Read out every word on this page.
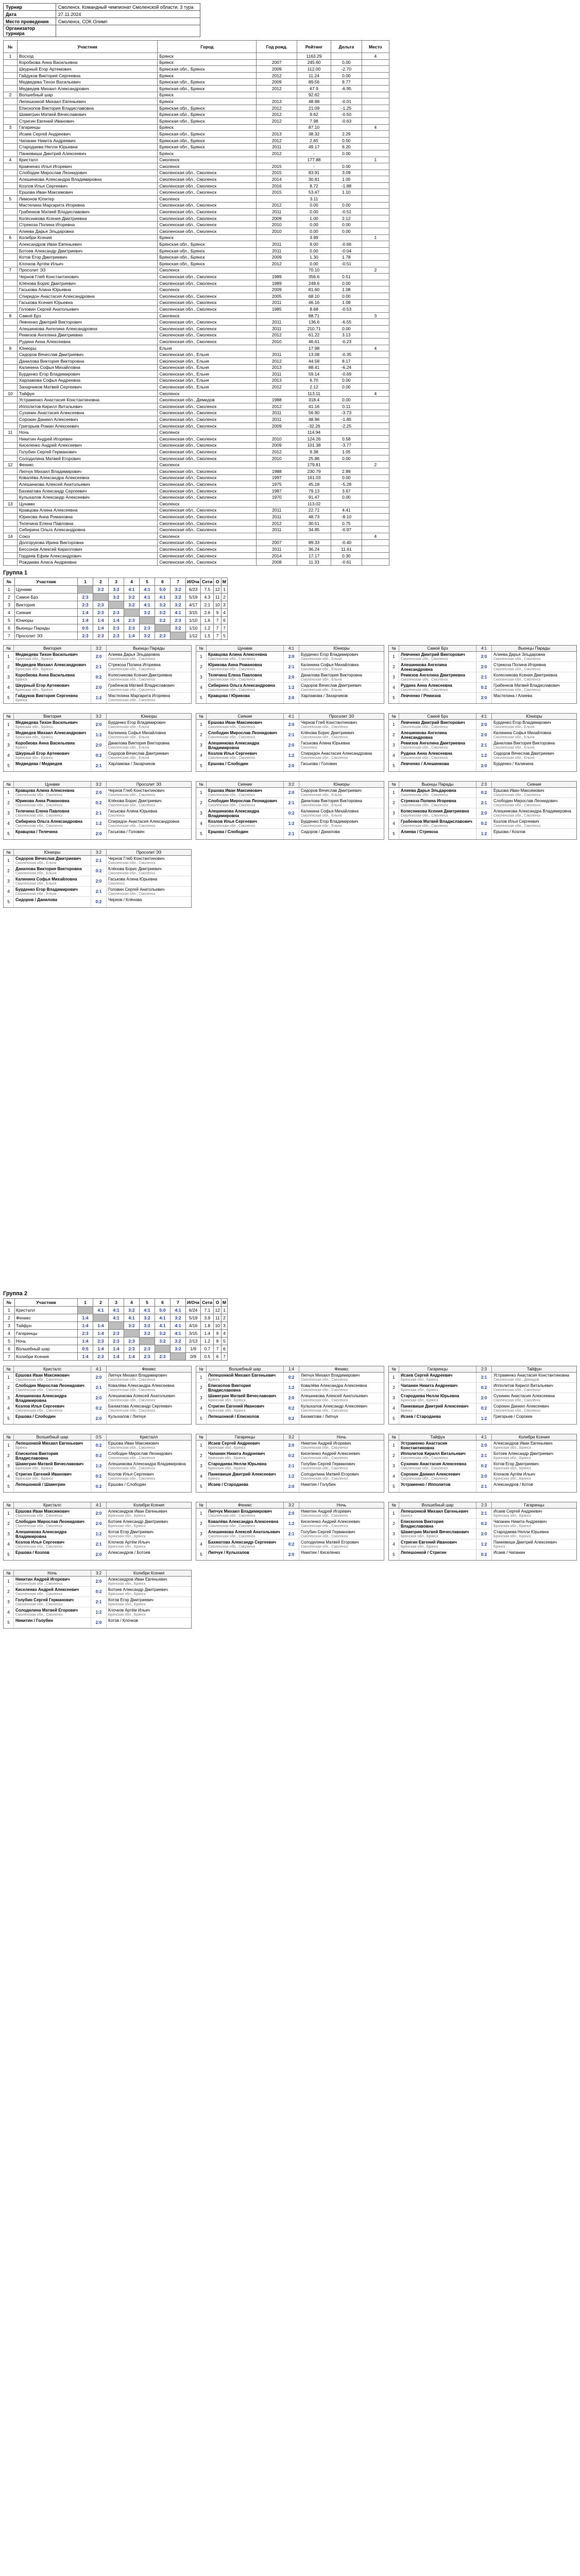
Турнир	Смоленск. Командный чемпионат Смоленской области. 3 тура
Дата	27.11.2024
Место проведения	Смоленск, СОК Олимп
Организатор турнира	
№	Участник	Город	Год рожд.	Рейтинг	Дельта	Место
1	Восход	Брянск		1163.29		4
	Коробкова Анна Васильевна	Брянск	2007	245.60	0.00	
	Шкурный Егор Артемович	Брянская обл., Брянск	2009	112.00	-2.70	
	Гайдуков Виктория Сергеевна	Брянск	2012	11.24	0.00	
	Медведева Тихон Васильевич	Брянская обл., Брянск	2009	89.56	8.77	
	Медведев Михаил Александрович	Брянская обл., Брянск	2012	67.9	-6.95	
2	Волшебный шар	Брянск		92.62		
	Лепешонкой Михаил Евгеньевич	Брянск	2013	48.98	-0.01	
	Епископов Виктория Владиславовна	Брянская обл., Брянск	2012	21.09	-1.25	
	Шамегрин Матвей Вячеславович	Брянская обл., Брянск	2012	9.62	-0.50	
	Стригин Евгений Иванович	Брянская обл., Брянск	2012	7.98	-0.63	
3	Гагаринцы	Брянск		87.10		4
	Исаев Сергей Андреевич	Брянская обл., Брянск	2013	38.32	2.29	
	Чапанин Никита Андреевич	Брянская обл., Брянск	2012	2.65	0.50	
	Стародаева Нелли Юрьевна	Брянская обл., Брянск	2011	49.17	6.20	
	Панкевиши Дмитрий Алексеевич	Брянск	2012	-	0.00	
4	Кристалл	Смоленск		177.88		1
	Кравченко Илья Игоревич	Смоленск	2015	-	0.00	
	Слободин Мирослав Леонидович	Смоленская обл., Смоленск	2015	83.91	3.09	
	Алешинкова Александра Владимировна	Смоленская обл., Смоленск	2014	30.81	1.05	
	Козлов Илья Сергеевич	Смоленская обл., Смоленск	2016	8.72	-1.88	
	Ершова Иван Максимович	Смоленская обл., Смоленск	2015	53.47	1.10	
5	Лимонов Юпитер	Смоленск		3.11		
	Мастелина Маргарита Игоревна	Смоленская обл., Смоленск	2012	0.00	0.00	
	Грабенков Матвей Владиславович	Смоленская обл., Смоленск	2011	0.00	-0.51	
	Колесникова Ксения Дмитриевна	Смоленская обл., Смоленск	2009	1.00	2.12	
	Стрекоза Полина Игоревна	Смоленская обл., Смоленск	2010	0.00	0.00	
	Алиева Дарья Эльдаровна	Смоленская обл., Смоленск	2010	0.00	0.00	
6	Колибри Ксения	Брянск		3.99		1
	Александров Иван Евгеньевич	Брянская обл., Брянск	2011	9.00	-0.66	
	Ботоев Александр Дмитриевич	Брянская обл., Брянск	2011	0.00	-0.04	
	Котов Егор Дмитриевич	Брянская обл., Брянск	2009	1.30	1.78	
	Клочков Артём Ильич	Брянская обл., Брянск	2012	0.00	-0.51	
7	Просолит ЭЗ	Смоленск		70.10		2
	Чернов Глеб Константинович	Смоленская обл., Смоленск	1989	356.6	0.51	
	Клёнова Борис Дмитриевич	Смоленская обл., Смоленск	1989	248.6	0.00	
	Гаськова Алина Юрьевна	Смоленск	2009	81.60	1.08	
	Спиридон Анастасия Александровна	Смоленская обл., Смоленск	2005	68.10	0.00	
	Гаськова Ксения Юрьевна	Смоленская обл., Смоленск	2011	46.16	1.08	
	Головин Сергей Анатольевич	Смоленская обл., Смоленск	1985	8.68	-0.53	
8	Самоё Брз	Смоленск		88.71		3
	Левченко Дмитрий Викторович	Смоленская обл., Смоленск	2011	136.6	-6.55	
	Алешинкова Ангелина Александровна	Смоленская обл., Смоленск	2011	210.71	0.00	
	Ремизов Ангелина Дмитриевна	Смоленская обл., Смоленск	2012	61.22	3.13	
	Рудина Анна Алексеевна	Смоленская обл., Смоленск	2010	46.61	-0.23	
9	Юниоры	Ельня		17.98		4
	Сидоров Вячеслав Дмитриевич	Смоленская обл., Ельня	2011	13.08	-0.35	
	Данилова Виктория Викторовна	Смоленская обл., Ельня	2012	44.58	8.17	
	Калинина Софья Михайловна	Смоленская обл., Ельня	2013	88.41	-6.24	
	Бурденко Егор Владимирович	Смоленская обл., Ельня	2011	59.14	-0.69	
	Харламова Софья Андреевна	Смоленская обл., Ельня	2013	6.70	0.00	
	Захарчиков Матвей Сергеевич	Смоленская обл., Ельня	2012	2.12	0.00	
10	Тайфун	Смоленск		113.11		4
	Устраменко Анастасия Константиновна	Смоленская обл., Демидов	1988	318.4	0.00	
	Ипполитов Кирилл Витальевич	Смоленская обл., Смоленск	2012	41.16	0.11	
	Сухинин Анастасия Алексеевна	Смоленская обл., Смоленск	2011	56.90	-3.73	
	Сорокин Даниил Алексеевич	Смоленская обл., Смоленск	2011	48.96	-1.85	
	Григорьев Роман Алексеевич	Смоленская обл., Смоленск	2009	-32.26	-2.25	
11	Ночь	Смоленск		114.94		
	Никитин Андрей Игоревич	Смоленская обл., Смоленск	2010	124.26	0.58	
	Киселенко Андрей Алексеевич	Смоленская обл., Смоленск	2009	101.38	-3.77	
	Голубин Сергей Германович	Смоленская обл., Смоленск	2012	9.38	1.05	
	Солодилина Матвей Егорович	Смоленская обл., Смоленск	2010	25.86	0.00	
12	Феникс	Смоленск		179.81		2
	Липчук Михаил Владимирович	Смоленская обл., Смоленск	1988	230.79	2.89	
	Ковалёва Александра Алексеевна	Смоленская обл., Смоленск	1997	161.03	0.00	
	Алешинкова Алексей Анатольевич	Смоленская обл., Смоленск	1975	45.18	-5.28	
	Бахматова Александр Сергеевич	Смоленская обл., Смоленск	1987	79.13	3.67	
	Кулыхалов Александр Алексеевич	Смоленская обл., Смоленск	1970	91.47	0.00	
13	Цунами	Смоленск		113.02		
	Кравцова Алина Алексеевна	Смоленская обл., Смоленск	2011	22.71	4.41	
	Юрикова Анна Романовна	Смоленская обл., Смоленск	2011	48.73	-8.10	
	Телечина Елена Павловна	Смоленская обл., Смоленск	2012	30.51	0.75	
	Сибирина Ольга Александровна	Смоленская обл., Смоленск	2011	34.85	-0.97	
14	Союз	Смоленск				4
	Долгорукова Ирина Викторовна	Смоленская обл., Смоленск	2007	89.33	-0.40	
	Бессонов Алексей Кириллович	Смоленская обл., Смоленск	2011	36.24	11.61	
	Гордеев Ефим Александрович	Смоленская обл., Смоленск	2014	17.17	0.30	
	Рождаева Алиса Андреевна	Смоленская обл., Смоленск	2008	11.33	-0.61	
Группа 1
№	Участник	1	2	3	4	5	6	7	И/Очк	Сети	О	М
1	Цунами		3:2	3:2	4:1	4:1	5:0	3:2	6/23	7.5	12	1
2	Самое Брз	2:3		3:2	3:2	4:1	4:1	3:2	5/19	4.3	11	2
3	Виктория	2:3	2:3		3:2	4:1	3:2	3:2	4/17	2.1	10	3
4	Сияние	1:4	2:3	2:3		3:2	3:2	4:1	3/15	2.6	9	4
5	Юниоры	1:4	1:4	1:4	2:3		3:2	2:3	1/10	1.6	7	6
6	Вьюнцы Парады	0:5	1:4	2:3	2:3	2:3		3:2	1/10	1.2	7	7
7	Просолит ЭЗ	2:3	2:3	2:3	1:4	3:2	2:3		1/12	1.5	7	5
№	Виктория	3:2	Вьюнцы Парады
1	Медведева Тихон Васильевич
Брянская обл., Брянск
2:0	Алиева Дарья Эльдаровна
Смоленская обл., Смоленск
2	Медведев Михаил Александрович
Брянская обл., Брянск
2:1	Стрекоза Полина Игоревна
Смоленская обл., Смоленск
3	Коробкова Анна Васильевна
Брянск
0:2	Колесникова Ксения Дмитриевна
Смоленская обл., Смоленск
4	Шкурный Егор Артемович
Брянская обл., Брянск
2:0	Грабенков Матвей Владиславович
Смоленская обл., Смоленск
5	Гайдуков Виктория Сергеевна
Брянск
1:2	Мастелина Маргарита Игоревна
Смоленская обл., Смоленск
№	Цунами	4:1	Юниоры
1	Кравцова Алина Алексеевна
Смоленская обл., Смоленск
2:0	Бурденко Егор Владимирович
Смоленская обл., Ельня
2	Юрикова Анна Романовна
Смоленская обл., Смоленск
2:1	Калинина Софья Михайловна
Смоленская обл., Ельня
3	Телечина Елена Павловна
Смоленская обл., Смоленск
2:0	Данилова Виктория Викторовна
Смоленская обл., Ельня
4	Сибирина Ольга Александровна
Смоленская обл., Смоленск
1:2	Сидоров Вячеслав Дмитриевич
Смоленская обл., Ельня
5	Кравцова / Юрикова	2:0	Харламова / Захарчиков
№	Самоё Брз	4:1	Вьюнцы Парады
1	Левченко Дмитрий Викторович
Смоленская обл., Смоленск
2:0	Алиева Дарья Эльдаровна
Смоленская обл., Смоленск
2	Алешинкова Ангелина Александровна
2:0	Стрекоза Полина Игоревна
Смоленская обл., Смоленск
3	Ремизов Ангелина Дмитриевна
Смоленская обл., Смоленск
2:1	Колесникова Ксения Дмитриевна
Смоленская обл., Смоленск
4	Рудина Анна Алексеевна
Смоленская обл., Смоленск
0:2	Грабенков Матвей Владиславович
Смоленская обл., Смоленск
5	Левченко / Ремизов	2:0	Мастелина / Алиева
№	Виктория	3:2	Юниоры
1	Медведева Тихон Васильевич
Брянская обл., Брянск
2:0	Бурденко Егор Владимирович
Смоленская обл., Ельня
2	Медведев Михаил Александрович
Брянская обл., Брянск
1:2	Калинина Софья Михайловна
Смоленская обл., Ельня
3	Коробкова Анна Васильевна
Брянск
2:0	Данилова Виктория Викторовна
Смоленская обл., Ельня
4	Шкурный Егор Артемович
Брянская обл., Брянск
0:2	Сидоров Вячеслав Дмитриевич
Смоленская обл., Ельня
5	Медведева / Медведев	2:1	Харламова / Захарчиков
№	Сияние	4:1	Просолит ЭЗ
1	Ершова Иван Максимович
Смоленская обл., Смоленск
2:0	Чернов Глеб Константинович
Смоленская обл., Смоленск
2	Слободин Мирослав Леонидович
Смоленская обл., Смоленск
2:1	Клёнова Борис Дмитриевич
Смоленская обл., Смоленск
3	Алешинкова Александра Владимировна
2:0	Гаськова Алина Юрьевна
Смоленск
4	Козлов Илья Сергеевич
Смоленская обл., Смоленск
1:2	Спиридон Анастасия Александровна
Смоленская обл., Смоленск
5	Ершова / Слободин	2:0	Гаськова / Головин
№	Самоё Брз	4:1	Юниоры
1	Левченко Дмитрий Викторович
Смоленская обл., Смоленск
2:0	Бурденко Егор Владимирович
Смоленская обл., Ельня
2	Алешинкова Ангелина Александровна
2:0	Калинина Софья Михайловна
Смоленская обл., Ельня
3	Ремизов Ангелина Дмитриевна
Смоленская обл., Смоленск
2:1	Данилова Виктория Викторовна
Смоленская обл., Ельня
4	Рудина Анна Алексеевна
Смоленская обл., Смоленск
1:2	Сидоров Вячеслав Дмитриевич
Смоленская обл., Ельня
5	Левченко / Алешинкова	2:0	Бурденко / Калинина
№	Цунами	3:2	Просолит ЭЗ
1	Кравцова Алина Алексеевна
Смоленская обл., Смоленск
2:0	Чернов Глеб Константинович
Смоленская обл., Смоленск
2	Юрикова Анна Романовна
Смоленская обл., Смоленск
0:2	Клёнова Борис Дмитриевич
Смоленская обл., Смоленск
3	Телечина Елена Павловна
Смоленская обл., Смоленск
2:1	Гаськова Алина Юрьевна
Смоленск
4	Сибирина Ольга Александровна
Смоленская обл., Смоленск
1:2	Спиридон Анастасия Александровна
Смоленская обл., Смоленск
5	Кравцова / Телечина	2:0	Гаськова / Головин
№	Сияние	3:2	Юниоры
1	Ершова Иван Максимович
Смоленская обл., Смоленск
2:0	Сидоров Вячеслав Дмитриевич
Смоленская обл., Ельня
2	Слободин Мирослав Леонидович
Смоленская обл., Смоленск
2:1	Данилова Виктория Викторовна
Смоленская обл., Ельня
3	Алешинкова Александра Владимировна
0:2	Калинина Софья Михайловна
Смоленская обл., Ельня
4	Козлов Илья Сергеевич
Смоленская обл., Смоленск
1:2	Бурденко Егор Владимирович
Смоленская обл., Ельня
5	Ершова / Слободин	2:1	Сидоров / Данилова
№	Вьюнцы Парады	2:3	Сияние
1	Алиева Дарья Эльдаровна
Смоленская обл., Смоленск
0:2	Ершова Иван Максимович
Смоленская обл., Смоленск
2	Стрекоза Полина Игоревна
Смоленская обл., Смоленск
2:1	Слободин Мирослав Леонидович
Смоленская обл., Смоленск
3	Колесникова Ксения Дмитриевна
Смоленская обл., Смоленск
2:0	Алешинкова Александра Владимировна
Смоленская обл., Смоленск
4	Грабенков Матвей Владиславович
Смоленская обл., Смоленск
0:2	Козлов Илья Сергеевич
Смоленская обл., Смоленск
5	Алиева / Стрекоза	1:2	Ершова / Козлов
№	Юниоры	3:2	Просолит ЭЗ
1	Сидоров Вячеслав Дмитриевич
Смоленская обл., Ельня
2:1	Чернов Глеб Константинович
Смоленская обл., Смоленск
2	Данилова Виктория Викторовна
Смоленская обл., Ельня
0:2	Клёнова Борис Дмитриевич
Смоленская обл., Смоленск
3	Калинина Софья Михайловна
Смоленская обл., Ельня
2:0	Гаськова Алина Юрьевна
Смоленск
4	Бурденко Егор Владимирович
Смоленская обл., Ельня
2:1	Головин Сергей Анатольевич
Смоленская обл., Смоленск
5	Сидоров / Данилова	0:2	Чернов / Клёнова
Группа 2
№	Участник	1	2	3	4	5	6	7	И/Очк	Сети	О	М
1	Кристалл		4:1	4:1	3:2	4:1	5:0	4:1	6/24	7.1	12	1
2	Феникс	1:4		4:1	4:1	3:2	4:1	3:2	5/19	3.9	11	2
3	Тайфун	1:4	1:4		3:2	3:2	4:1	4:1	4/16	1.8	10	3
4	Гагаринцы	2:3	1:4	2:3		3:2	3:2	4:1	3/15	1.4	9	4
5	Ночь	1:4	2:3	2:3	2:3		3:2	3:2	2/13	1.2	8	5
6	Волшебный шар	0:5	1:4	1:4	2:3	2:3		3:2	1/9	0.7	7	6
7	Колибри Ксения	1:4	2:3	1:4	1:4	2:3	2:3		0/9	0.5	6	7
№	Кристалл	4:1	Феникс
1	Ершова Иван Максимович
Смоленская обл., Смоленск
2:0	Липчук Михаил Владимирович
Смоленская обл., Смоленск
2	Слободин Мирослав Леонидович
Смоленская обл., Смоленск
2:1	Ковалёва Александра Алексеевна
Смоленская обл., Смоленск
3	Алешинкова Александра Владимировна
2:0	Алешинкова Алексей Анатольевич
Смоленская обл., Смоленск
4	Козлов Илья Сергеевич
Смоленская обл., Смоленск
0:2	Бахматова Александр Сергеевич
Смоленская обл., Смоленск
5	Ершова / Слободин	2:0	Кулыхалов / Липчук
№	Волшебный шар	1:4	Феникс
1	Лепешонкой Михаил Евгеньевич
Брянск
0:2	Липчук Михаил Владимирович
Смоленская обл., Смоленск
2	Епископов Виктория Владиславовна
1:2	Ковалёва Александра Алексеевна
Смоленская обл., Смоленск
3	Шамегрин Матвей Вячеславович
Брянская обл., Брянск
2:0	Алешинкова Алексей Анатольевич
Смоленская обл., Смоленск
4	Стригин Евгений Иванович
Брянская обл., Брянск
0:2	Кулыхалов Александр Алексеевич
Смоленская обл., Смоленск
5	Лепешонкой / Епископов	0:2	Бахматова / Липчук
№	Гагаринцы	2:3	Тайфун
1	Исаев Сергей Андреевич
Брянская обл., Брянск
2:1	Устраменко Анастасия Константиновна
Смоленская обл., Демидов
2	Чапанин Никита Андреевич
Брянская обл., Брянск
0:2	Ипполитов Кирилл Витальевич
Смоленская обл., Смоленск
3	Стародаева Нелли Юрьевна
Брянская обл., Брянск
2:0	Сухинин Анастасия Алексеевна
Смоленская обл., Смоленск
4	Панкевиши Дмитрий Алексеевич
Брянск
0:2	Сорокин Даниил Алексеевич
Смоленская обл., Смоленск
5	Исаев / Стародаева	1:2	Григорьев / Сорокин
№	Волшебный шар	0:5	Кристалл
1	Лепешонкой Михаил Евгеньевич
Брянск
0:2	Ершова Иван Максимович
Смоленская обл., Смоленск
2	Епископов Виктория Владиславовна
0:2	Слободин Мирослав Леонидович
Смоленская обл., Смоленск
3	Шамегрин Матвей Вячеславович
Брянская обл., Брянск
1:2	Алешинкова Александра Владимировна
Смоленская обл., Смоленск
4	Стригин Евгений Иванович
Брянская обл., Брянск
0:2	Козлов Илья Сергеевич
Смоленская обл., Смоленск
5	Лепешонкой / Шамегрин	0:2	Ершова / Слободин
№	Гагаринцы	3:2	Ночь
1	Исаев Сергей Андреевич
Брянская обл., Брянск
2:0	Никитин Андрей Игоревич
Смоленская обл., Смоленск
2	Чапанин Никита Андреевич
Брянская обл., Брянск
0:2	Киселенко Андрей Алексеевич
Смоленская обл., Смоленск
3	Стародаева Нелли Юрьевна
Брянская обл., Брянск
2:1	Голубин Сергей Германович
Смоленская обл., Смоленск
4	Панкевиши Дмитрий Алексеевич
Брянск
1:2	Солодилина Матвей Егорович
Смоленская обл., Смоленск
5	Исаев / Стародаева	2:0	Никитин / Голубин
№	Тайфун	4:1	Колибри Ксения
1	Устраменко Анастасия Константиновна
2:0	Александров Иван Евгеньевич
Брянская обл., Брянск
2	Ипполитов Кирилл Витальевич
Смоленская обл., Смоленск
2:1	Ботоев Александр Дмитриевич
Брянская обл., Брянск
3	Сухинин Анастасия Алексеевна
Смоленская обл., Смоленск
0:2	Котов Егор Дмитриевич
Брянская обл., Брянск
4	Сорокин Даниил Алексеевич
Смоленская обл., Смоленск
2:0	Клочков Артём Ильич
Брянская обл., Брянск
5	Устраменко / Ипполитов	2:1	Александров / Котов
№	Кристалл	4:1	Колибри Ксения
1	Ершова Иван Максимович
Смоленская обл., Смоленск
2:0	Александров Иван Евгеньевич
Брянская обл., Брянск
2	Слободин Мирослав Леонидович
Смоленская обл., Смоленск
2:0	Ботоев Александр Дмитриевич
Брянская обл., Брянск
3	Алешинкова Александра Владимировна
1:2	Котов Егор Дмитриевич
Брянская обл., Брянск
4	Козлов Илья Сергеевич
Смоленская обл., Смоленск
2:1	Клочков Артём Ильич
Брянская обл., Брянск
5	Ершова / Козлов	2:0	Александров / Ботоев
№	Феникс	3:2	Ночь
1	Липчук Михаил Владимирович
Смоленская обл., Смоленск
2:0	Никитин Андрей Игоревич
Смоленская обл., Смоленск
2	Ковалёва Александра Алексеевна
Смоленская обл., Смоленск
1:2	Киселенко Андрей Алексеевич
Смоленская обл., Смоленск
3	Алешинкова Алексей Анатольевич
Смоленская обл., Смоленск
2:1	Голубин Сергей Германович
Смоленская обл., Смоленск
4	Бахматова Александр Сергеевич
Смоленская обл., Смоленск
0:2	Солодилина Матвей Егорович
Смоленская обл., Смоленск
5	Липчук / Кулыхалов	2:0	Никитин / Киселенко
№	Волшебный шар	2:3	Гагаринцы
1	Лепешонкой Михаил Евгеньевич
Брянск
2:1	Исаев Сергей Андреевич
Брянская обл., Брянск
2	Епископов Виктория Владиславовна
0:2	Чапанин Никита Андреевич
Брянская обл., Брянск
3	Шамегрин Матвей Вячеславович
Брянская обл., Брянск
2:0	Стародаева Нелли Юрьевна
Брянская обл., Брянск
4	Стригин Евгений Иванович
Брянская обл., Брянск
1:2	Панкевиши Дмитрий Алексеевич
Брянск
5	Лепешонкой / Стригин	0:2	Исаев / Чапанин
№	Ночь	3:2	Колибри Ксения
1	Никитин Андрей Игоревич
Смоленская обл., Смоленск
2:0	Александров Иван Евгеньевич
Брянская обл., Брянск
2	Киселенко Андрей Алексеевич
Смоленская обл., Смоленск
0:2	Ботоев Александр Дмитриевич
Брянская обл., Брянск
3	Голубин Сергей Германович
Смоленская обл., Смоленск
2:1	Котов Егор Дмитриевич
Брянская обл., Брянск
4	Солодилина Матвей Егорович
Смоленская обл., Смоленск
1:2	Клочков Артём Ильич
Брянская обл., Брянск
5	Никитин / Голубин	2:0	Котов / Клочков
